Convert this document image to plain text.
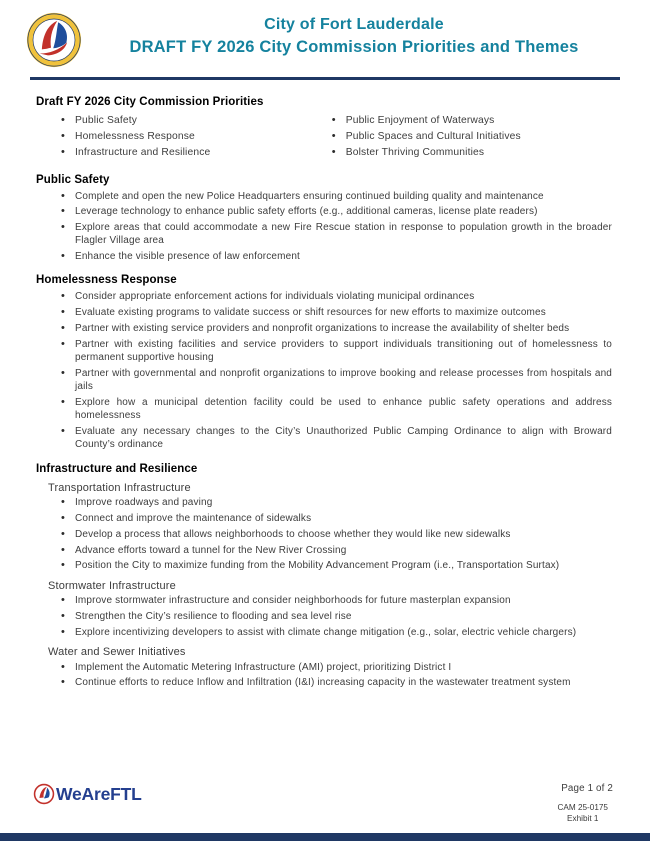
City of Fort Lauderdale
DRAFT FY 2026 City Commission Priorities and Themes
Draft FY 2026 City Commission Priorities
• Public Safety
• Homelessness Response
• Infrastructure and Resilience
• Public Enjoyment of Waterways
• Public Spaces and Cultural Initiatives
• Bolster Thriving Communities
Public Safety
• Complete and open the new Police Headquarters ensuring continued building quality and maintenance
• Leverage technology to enhance public safety efforts (e.g., additional cameras, license plate readers)
• Explore areas that could accommodate a new Fire Rescue station in response to population growth in the broader Flagler Village area
• Enhance the visible presence of law enforcement
Homelessness Response
• Consider appropriate enforcement actions for individuals violating municipal ordinances
• Evaluate existing programs to validate success or shift resources for new efforts to maximize outcomes
• Partner with existing service providers and nonprofit organizations to increase the availability of shelter beds
• Partner with existing facilities and service providers to support individuals transitioning out of homelessness to permanent supportive housing
• Partner with governmental and nonprofit organizations to improve booking and release processes from hospitals and jails
• Explore how a municipal detention facility could be used to enhance public safety operations and address homelessness
• Evaluate any necessary changes to the City’s Unauthorized Public Camping Ordinance to align with Broward County’s ordinance
Infrastructure and Resilience
Transportation Infrastructure
• Improve roadways and paving
• Connect and improve the maintenance of sidewalks
• Develop a process that allows neighborhoods to choose whether they would like new sidewalks
• Advance efforts toward a tunnel for the New River Crossing
• Position the City to maximize funding from the Mobility Advancement Program (i.e., Transportation Surtax)
Stormwater Infrastructure
• Improve stormwater infrastructure and consider neighborhoods for future masterplan expansion
• Strengthen the City’s resilience to flooding and sea level rise
• Explore incentivizing developers to assist with climate change mitigation (e.g., solar, electric vehicle chargers)
Water and Sewer Initiatives
• Implement the Automatic Metering Infrastructure (AMI) project, prioritizing District I
• Continue efforts to reduce Inflow and Infiltration (I&I) increasing capacity in the wastewater treatment system
WeAreFTL	Page 1 of 2
CAM 25-0175
Exhibit 1
